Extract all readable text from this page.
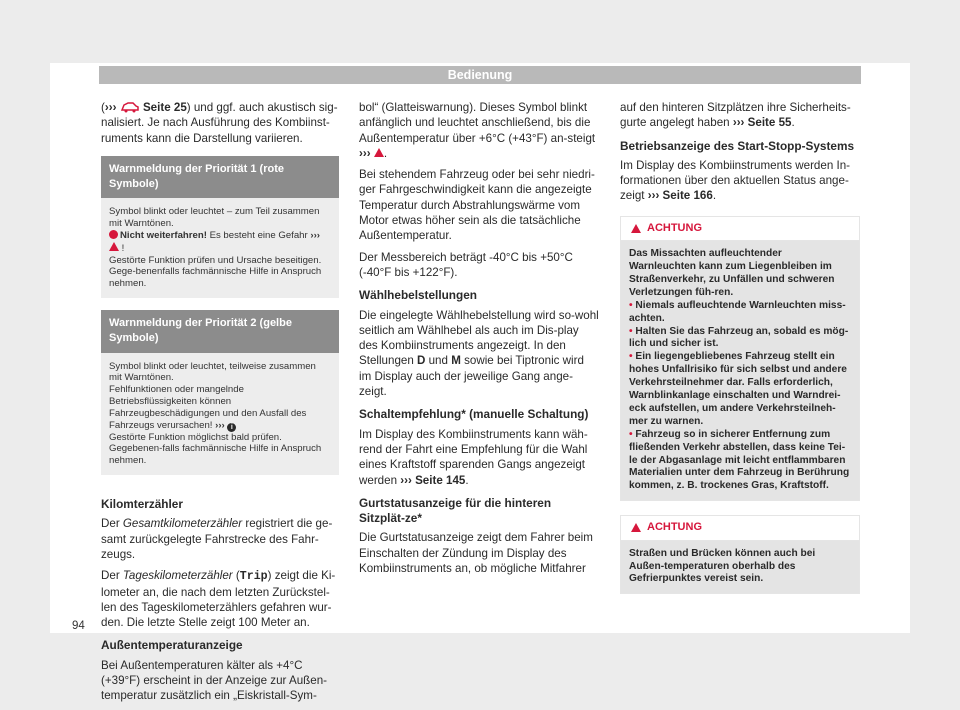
Bedienung

(››› Seite 25) und ggf. auch akustisch sig-nalisiert. Je nach Ausführung des Kombiinst-ruments kann die Darstellung variieren.

Warnmeldung der Priorität 1 (rote Symbole)
Symbol blinkt oder leuchtet – zum Teil zusammen mit Warntönen.
Nicht weiterfahren! Es besteht eine Gefahr ›››  !
Gestörte Funktion prüfen und Ursache beseitigen. Gege-benenfalls fachmännische Hilfe in Anspruch nehmen.
Warnmeldung der Priorität 2 (gelbe Symbole)
Symbol blinkt oder leuchtet, teilweise zusammen mit Warntönen.
Fehlfunktionen oder mangelnde Betriebsflüssigkeiten können Fahrzeugbeschädigungen und den Ausfall des Fahrzeugs verursachen! ››› i
Gestörte Funktion möglichst bald prüfen. Gegebenen-falls fachmännische Hilfe in Anspruch nehmen.
Kilomterzähler

Der Gesamtkilometerzähler registriert die ge-samt zurückgelegte Fahrstrecke des Fahr-zeugs.

Der Tageskilometerzähler (Trip) zeigt die Ki-lometer an, die nach dem letzten Zurückstel-len des Tageskilometerzählers gefahren wur-den. Die letzte Stelle zeigt 100 Meter an.

Außentemperaturanzeige

Bei Außentemperaturen kälter als +4°C (+39°F) erscheint in der Anzeige zur Außen-temperatur zusätzlich ein „Eiskristall-Sym-

bol“ (Glatteiswarnung). Dieses Symbol blinkt anfänglich und leuchtet anschließend, bis die Außentemperatur über +6°C (+43°F) an-steigt ››› .

Bei stehendem Fahrzeug oder bei sehr niedri-ger Fahrgeschwindigkeit kann die angezeigte Temperatur durch Abstrahlungswärme vom Motor etwas höher sein als die tatsächliche Außentemperatur.

Der Messbereich beträgt -40°C bis +50°C (-40°F bis +122°F).

Wählhebelstellungen

Die eingelegte Wählhebelstellung wird so-wohl seitlich am Wählhebel als auch im Dis-play des Kombiinstruments angezeigt. In den Stellungen D und M sowie bei Tiptronic wird im Display auch der jeweilige Gang ange-zeigt.

Schaltempfehlung* (manuelle Schaltung)

Im Display des Kombiinstruments kann wäh-rend der Fahrt eine Empfehlung für die Wahl eines Kraftstoff sparenden Gangs angezeigt werden ››› Seite 145.

Gurtstatusanzeige für die hinteren Sitzplät-ze*

Die Gurtstatusanzeige zeigt dem Fahrer beim Einschalten der Zündung im Display des Kombiinstruments an, ob mögliche Mitfahrer

auf den hinteren Sitzplätzen ihre Sicherheits-gurte angelegt haben ››› Seite 55.

Betriebsanzeige des Start-Stopp-Systems

Im Display des Kombiinstruments werden In-formationen über den aktuellen Status ange-zeigt ››› Seite 166.

ACHTUNG
Das Missachten aufleuchtender Warnleuchten kann zum Liegenbleiben im Straßenverkehr, zu Unfällen und schweren Verletzungen füh-ren.
• Niemals aufleuchtende Warnleuchten miss-achten.
• Halten Sie das Fahrzeug an, sobald es mög-lich und sicher ist.
• Ein liegengebliebenes Fahrzeug stellt ein hohes Unfallrisiko für sich selbst und andere Verkehrsteilnehmer dar. Falls erforderlich, Warnblinkanlage einschalten und Warndrei-eck aufstellen, um andere Verkehrsteilneh-mer zu warnen.
• Fahrzeug so in sicherer Entfernung zum fließenden Verkehr abstellen, dass keine Tei-le der Abgasanlage mit leicht entflammbaren Materialien unter dem Fahrzeug in Berührung kommen, z. B. trockenes Gras, Kraftstoff.
ACHTUNG
Straßen und Brücken können auch bei Außen-temperaturen oberhalb des Gefrierpunktes vereist sein.
94
